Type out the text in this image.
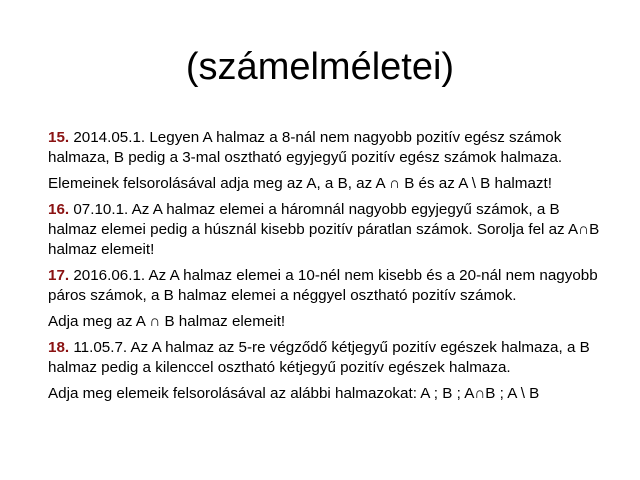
(számelméletei)

15. 2014.05.1. Legyen A halmaz a 8-nál nem nagyobb pozitív egész számok halmaza, B pedig a 3-mal osztható egyjegyű pozitív egész számok halmaza.

Elemeinek felsorolásával adja meg az A, a B, az A ∩ B és az A \ B halmazt!

16. 07.10.1. Az A halmaz elemei a háromnál nagyobb egyjegyű számok, a B halmaz elemei pedig a húsznál kisebb pozitív páratlan számok. Sorolja fel az A∩B halmaz elemeit!

17. 2016.06.1. Az A halmaz elemei a 10-nél nem kisebb és a 20-nál nem nagyobb páros számok, a B halmaz elemei a néggyel osztható pozitív számok.

Adja meg az A ∩ B halmaz elemeit!

18. 11.05.7. Az A halmaz az 5-re végződő kétjegyű pozitív egészek halmaza, a B halmaz pedig a kilenccel osztható kétjegyű pozitív egészek halmaza.

Adja meg elemeik felsorolásával az alábbi halmazokat: A ; B ; A∩B ; A \ B
